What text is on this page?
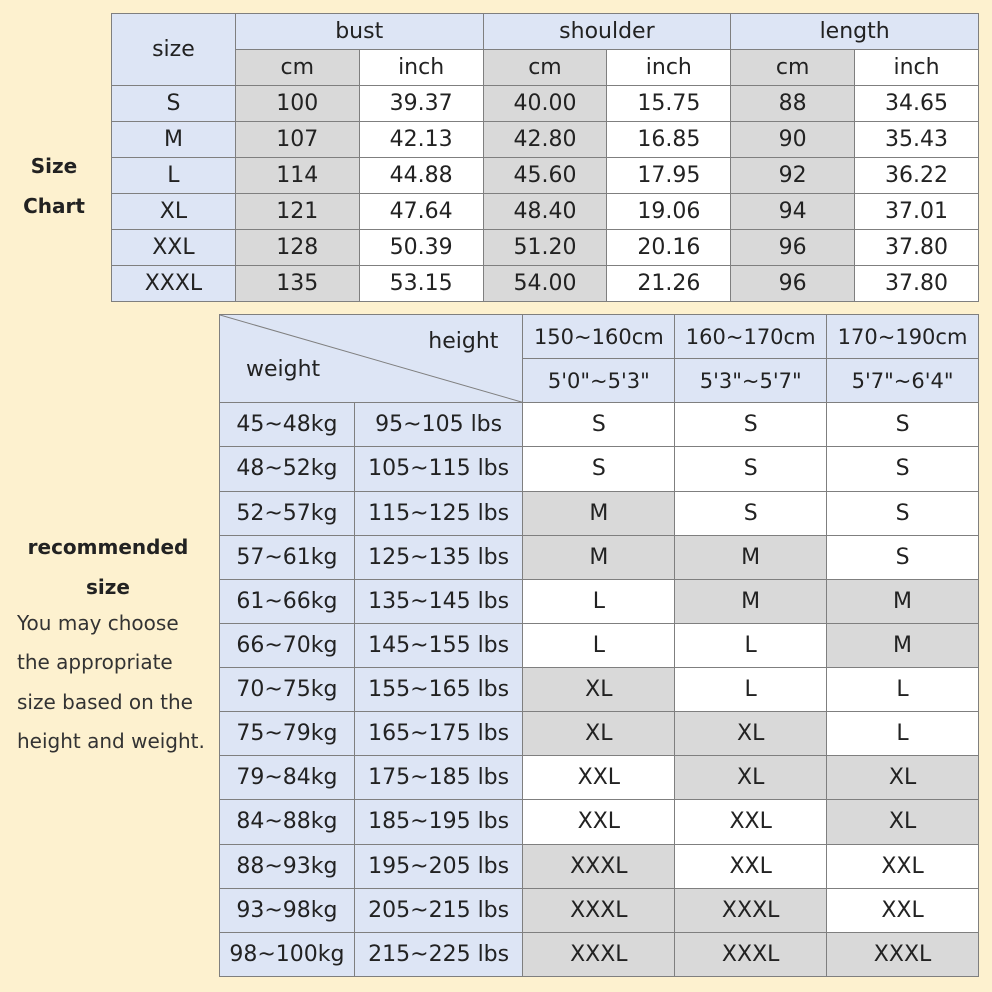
Size
Chart
recommended
size
You may choose the appropriate size based on the height and weight.
size	bust		shoulder		length	
	cm	inch	cm	inch	cm	inch
S	100	39.37	40.00	15.75	88	34.65
M	107	42.13	42.80	16.85	90	35.43
L	114	44.88	45.60	17.95	92	36.22
XL	121	47.64	48.40	19.06	94	37.01
XXL	128	50.39	51.20	20.16	96	37.80
XXXL	135	53.15	54.00	21.26	96	37.80
height
weight		150~160cm	160~170cm	170~190cm
		5'0"~5'3"	5'3"~5'7"	5'7"~6'4"
45~48kg	95~105 lbs	S	S	S
48~52kg	105~115 lbs	S	S	S
52~57kg	115~125 lbs	M	S	S
57~61kg	125~135 lbs	M	M	S
61~66kg	135~145 lbs	L	M	M
66~70kg	145~155 lbs	L	L	M
70~75kg	155~165 lbs	XL	L	L
75~79kg	165~175 lbs	XL	XL	L
79~84kg	175~185 lbs	XXL	XL	XL
84~88kg	185~195 lbs	XXL	XXL	XL
88~93kg	195~205 lbs	XXXL	XXL	XXL
93~98kg	205~215 lbs	XXXL	XXXL	XXL
98~100kg	215~225 lbs	XXXL	XXXL	XXXL
